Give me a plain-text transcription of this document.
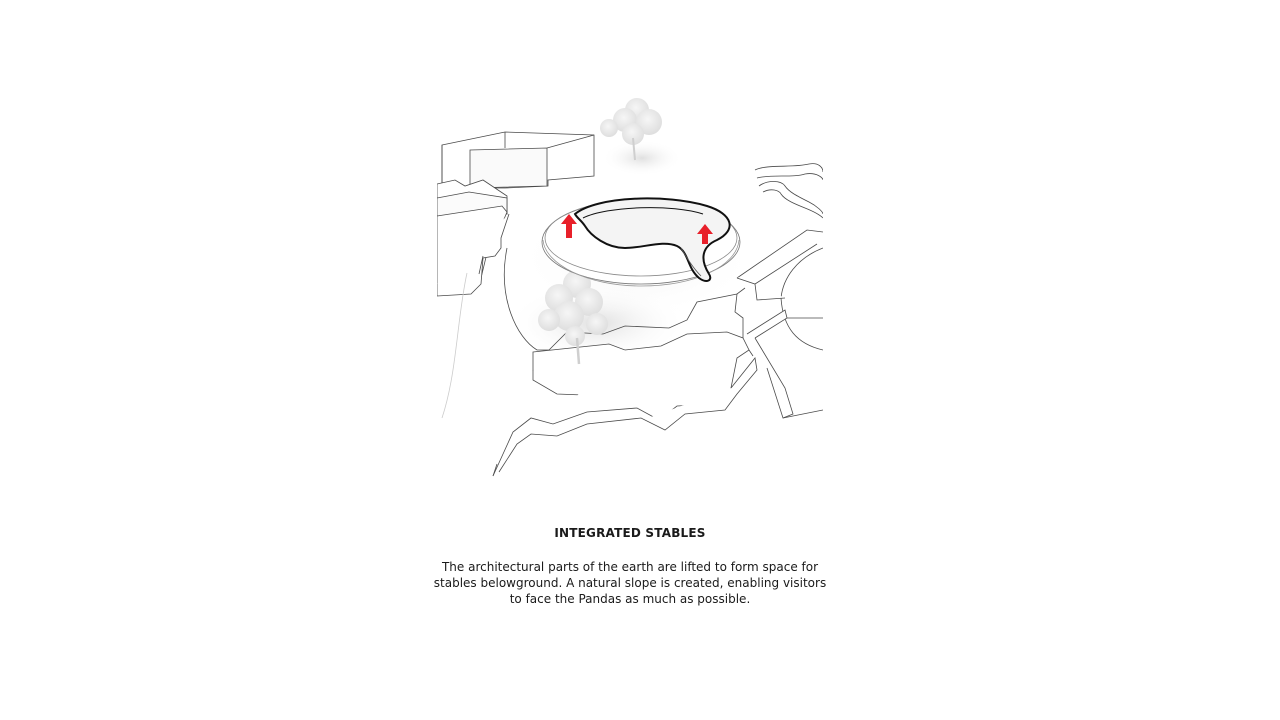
INTEGRATED STABLES

The architectural parts of the earth are lifted to form space for stables belowground. A natural slope is created, enabling visitors to face the Pandas as much as possible.
